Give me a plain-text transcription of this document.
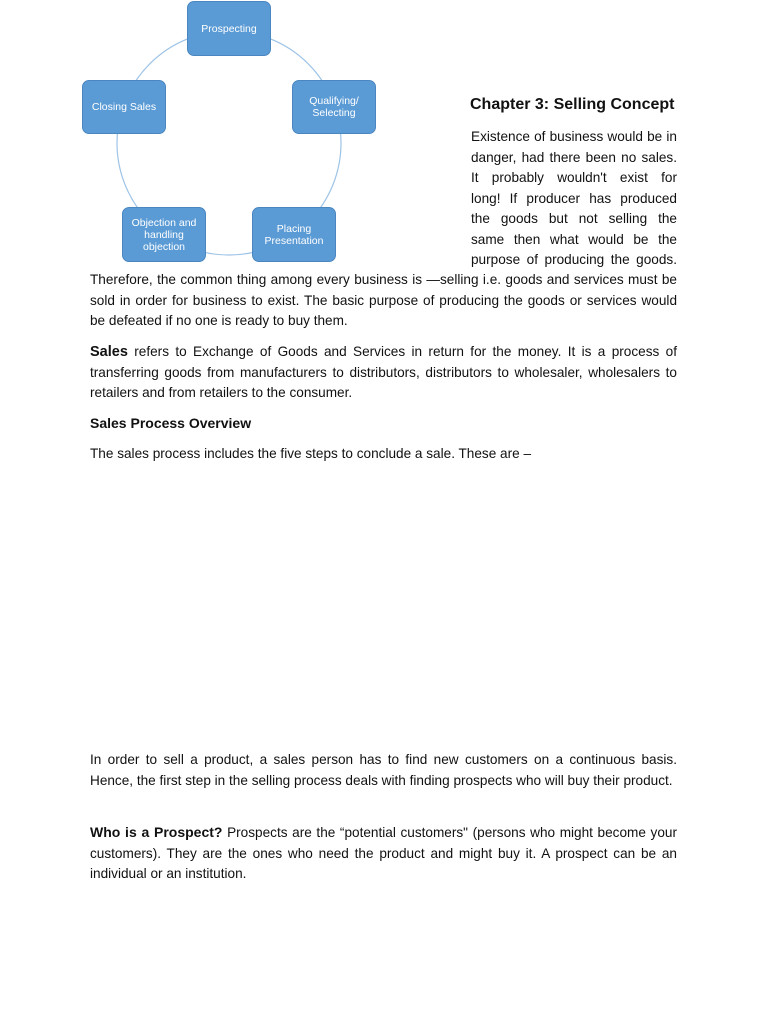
Prospecting
Qualifying/ Selecting
Placing Presentation
Objection and handling objection
Closing Sales	Chapter 3: Selling Concept
Existence of business would be in
danger, had there been no sales.
It probably wouldn't exist for
long! If producer has produced
the goods but not selling the
same then what would be the
purpose of producing the goods.

Therefore, the common thing among every business is ―selling i.e. goods and services must be sold in order for business to exist. The basic purpose of producing the goods or services would be defeated if no one is ready to buy them.

Sales refers to Exchange of Goods and Services in return for the money. It is a process of transferring goods from manufacturers to distributors, distributors to wholesaler, wholesalers to retailers and from retailers to the consumer.

Sales Process Overview

The sales process includes the five steps to conclude a sale. These are –

In order to sell a product, a sales person has to find new customers on a continuous basis. Hence, the first step in the selling process deals with finding prospects who will buy their product.

Who is a Prospect? Prospects are the “potential customers" (persons who might become your customers). They are the ones who need the product and might buy it. A prospect can be an individual or an institution.
